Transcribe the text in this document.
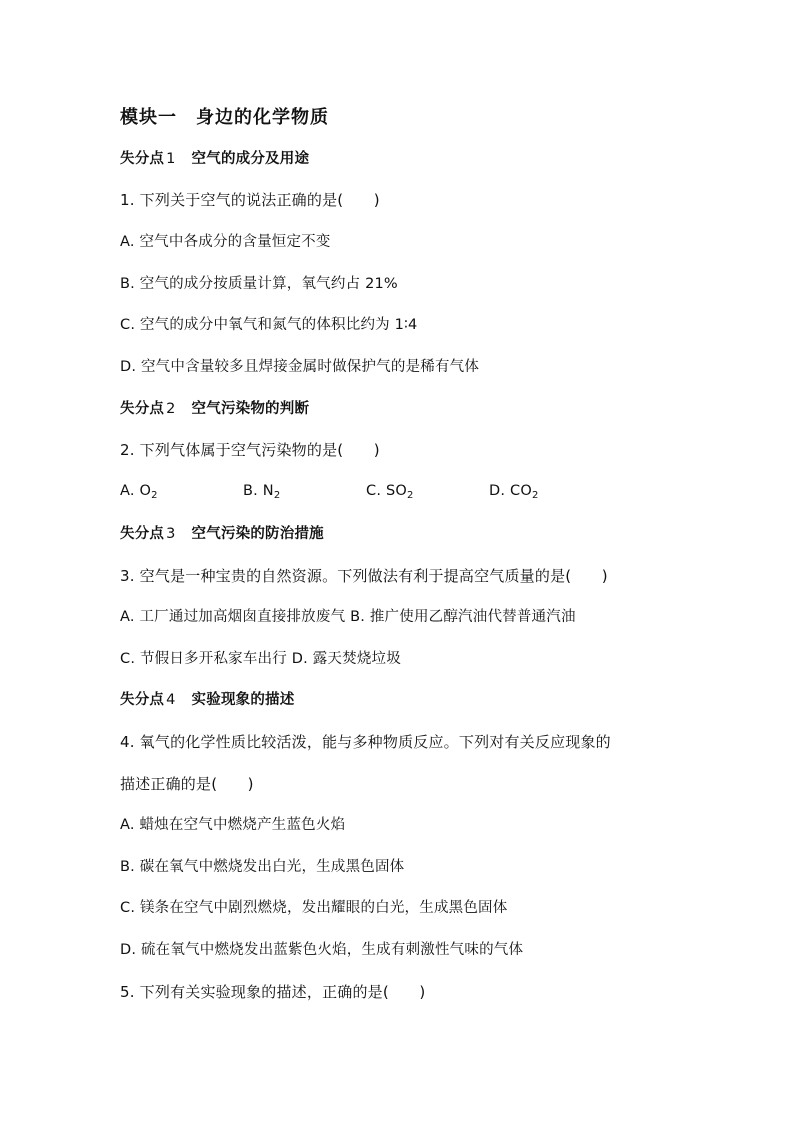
模块一　身边的化学物质
失分点 1 空气的成分及用途
1. 下列关于空气的说法正确的是(　　)
A. 空气中各成分的含量恒定不变
B. 空气的成分按质量计算，氧气约占 21%
C. 空气的成分中氧气和氮气的体积比约为 1∶4
D. 空气中含量较多且焊接金属时做保护气的是稀有气体
失分点 2 空气污染物的判断
2. 下列气体属于空气污染物的是(　　)
A. $O_2$	B. $N_2$	C. $SO_2$	D. $CO_2$
失分点 3 空气污染的防治措施
3. 空气是一种宝贵的自然资源。下列做法有利于提高空气质量的是(　　)
A. 工厂通过加高烟囱直接排放废气 B. 推广使用乙醇汽油代替普通汽油
C. 节假日多开私家车出行 D. 露天焚烧垃圾
失分点 4 实验现象的描述
4. 氧气的化学性质比较活泼，能与多种物质反应。下列对有关反应现象的
描述正确的是(　　)
A. 蜡烛在空气中燃烧产生蓝色火焰
B. 碳在氧气中燃烧发出白光，生成黑色固体
C. 镁条在空气中剧烈燃烧，发出耀眼的白光，生成黑色固体
D. 硫在氧气中燃烧发出蓝紫色火焰，生成有刺激性气味的气体
5. 下列有关实验现象的描述，正确的是(　　)
